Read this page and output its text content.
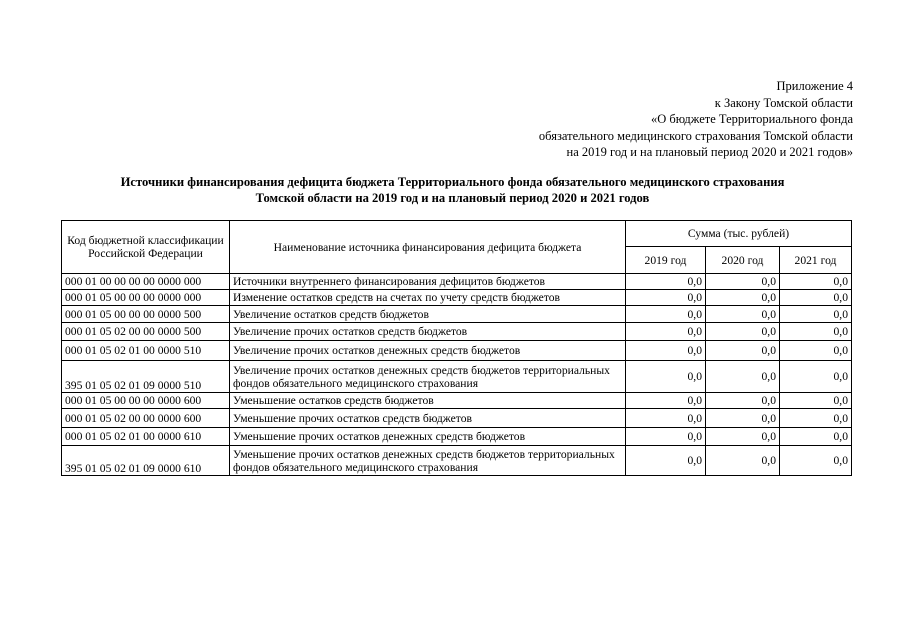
Приложение 4
к Закону Томской области
«О бюджете Территориального фонда
обязательного медицинского страхования Томской области
на 2019 год и на плановый период 2020 и 2021 годов»
Источники финансирования дефицита бюджета Территориального фонда обязательного медицинского страхования
Томской области на 2019 год и на плановый период 2020 и 2021 годов
Код бюджетной классификации Российской Федерации	Наименование источника финансирования дефицита бюджета	Сумма (тыс. рублей)		
		2019 год	2020 год	2021 год
000 01 00 00 00 00 0000 000	Источники внутреннего финансирования дефицитов бюджетов	0,0	0,0	0,0
000 01 05 00 00 00 0000 000	Изменение остатков средств на счетах по учету средств бюджетов	0,0	0,0	0,0
000 01 05 00 00 00 0000 500	Увеличение остатков средств бюджетов	0,0	0,0	0,0
000 01 05 02 00 00 0000 500	Увеличение прочих остатков средств бюджетов	0,0	0,0	0,0
000 01 05 02 01 00 0000 510	Увеличение прочих остатков денежных средств бюджетов	0,0	0,0	0,0
395 01 05 02 01 09 0000 510	Увеличение прочих остатков денежных средств бюджетов территориальных фондов обязательного медицинского страхования	0,0	0,0	0,0
000 01 05 00 00 00 0000 600	Уменьшение остатков средств бюджетов	0,0	0,0	0,0
000 01 05 02 00 00 0000 600	Уменьшение прочих остатков средств бюджетов	0,0	0,0	0,0
000 01 05 02 01 00 0000 610	Уменьшение прочих остатков денежных средств бюджетов	0,0	0,0	0,0
395 01 05 02 01 09 0000 610	Уменьшение прочих остатков денежных средств бюджетов территориальных фондов обязательного медицинского страхования	0,0	0,0	0,0
